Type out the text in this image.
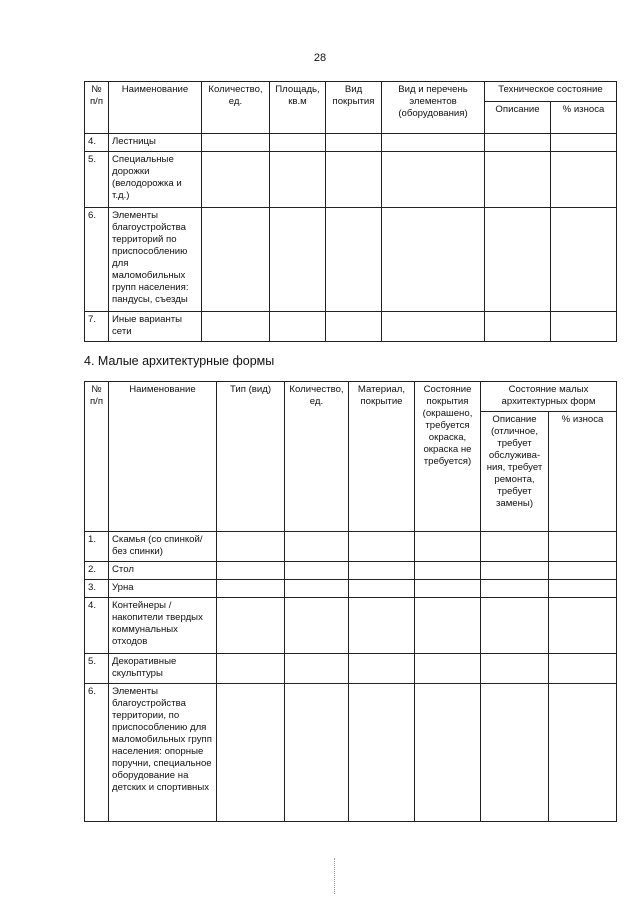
28
№ п/п	Наименование	Количество, ед.	Площадь, кв.м	Вид покрытия	Вид и перечень элементов (оборудования)	Техническое состояние	
						Описание	% износа
4.	Лестницы						
5.	Специальные дорожки (велодорожка и т.д.)						
6.	Элементы благоустройства территорий по приспособлению для маломобильных групп населения: пандусы, съезды						
7.	Иные варианты сети						
4. Малые архитектурные формы
№ п/п	Наименование	Тип (вид)	Количество, ед.	Материал, покрытие	Состояние покрытия (окрашено, требуется окраска, окраска не требуется)	Состояние малых архитектурных форм	
						Описание (отличное, требует обслужива-ния, требует ремонта, требует замены)	% износа
1.	Скамья (со спинкой/ без спинки)						
2.	Стол						
3.	Урна						
4.	Контейнеры / накопители твердых коммунальных отходов						
5.	Декоративные скульптуры						
6.	Элементы благоустройства территории, по приспособлению для маломобильных групп населения: опорные поручни, специальное оборудование на детских и спортивных						
